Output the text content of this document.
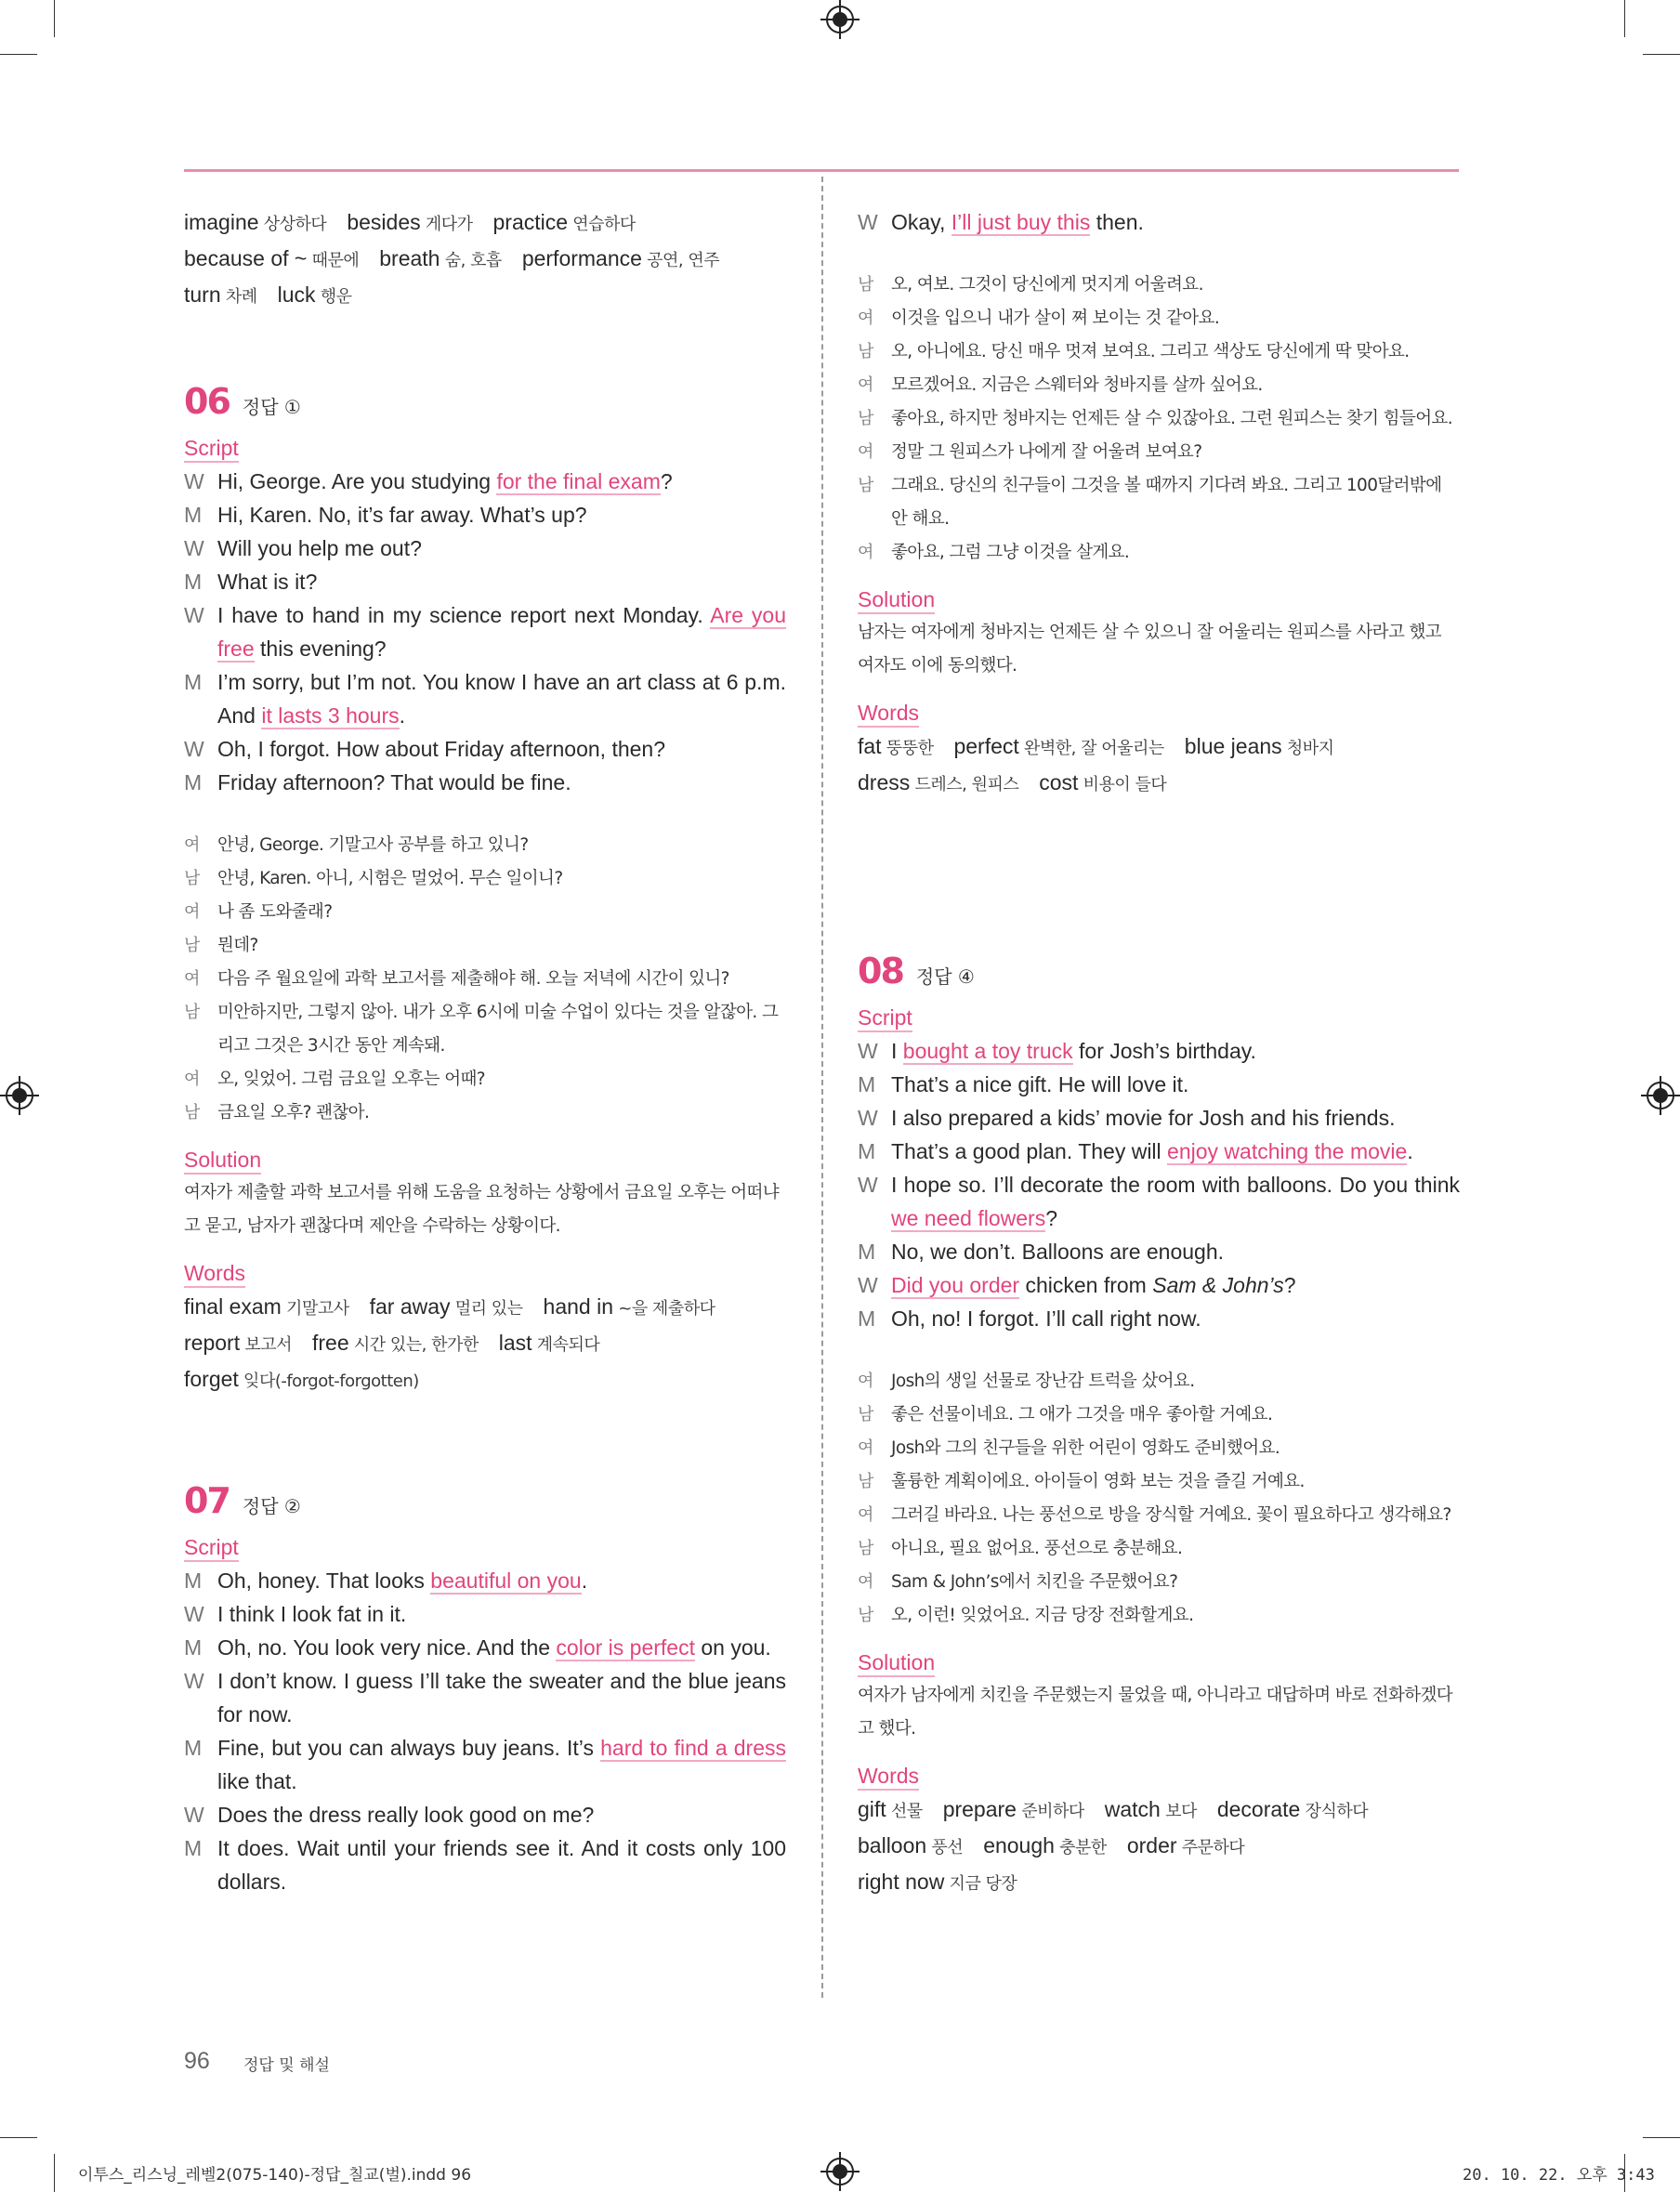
imagine 상상하다 besides 게다가 practice 연습하다
because of ~ 때문에 breath 숨, 호흡 performance 공연, 연주
turn 차례 luck 행운
06 정답 ①
Script
W Hi, George. Are you studying for the final exam?
M Hi, Karen. No, it’s far away. What’s up?
W Will you help me out?
M What is it?
W I have to hand in my science report next Monday. Are you free this evening?
M I’m sorry, but I’m not. You know I have an art class at 6 p.m. And it lasts 3 hours.
W Oh, I forgot. How about Friday afternoon, then?
M Friday afternoon? That would be fine.
여 안녕, George. 기말고사 공부를 하고 있니?
남 안녕, Karen. 아니, 시험은 멀었어. 무슨 일이니?
여 나 좀 도와줄래?
남 뭔데?
여 다음 주 월요일에 과학 보고서를 제출해야 해. 오늘 저녁에 시간이 있니?
남 미안하지만, 그렇지 않아. 내가 오후 6시에 미술 수업이 있다는 것을 알잖아. 그리고 그것은 3시간 동안 계속돼.
여 오, 잊었어. 그럼 금요일 오후는 어때?
남 금요일 오후? 괜찮아.
Solution

여자가 제출할 과학 보고서를 위해 도움을 요청하는 상황에서 금요일 오후는 어떠냐고 묻고, 남자가 괜찮다며 제안을 수락하는 상황이다.

Words
final exam 기말고사 far away 멀리 있는 hand in ~을 제출하다
report 보고서 free 시간 있는, 한가한 last 계속되다
forget 잊다(-forgot-forgotten)
07 정답 ②
Script
M Oh, honey. That looks beautiful on you.
W I think I look fat in it.
M Oh, no. You look very nice. And the color is perfect on you.
W I don’t know. I guess I’ll take the sweater and the blue jeans for now.
M Fine, but you can always buy jeans. It’s hard to find a dress like that.
W Does the dress really look good on me?
M It does. Wait until your friends see it. And it costs only 100 dollars.
W Okay, I’ll just buy this then.
남 오, 여보. 그것이 당신에게 멋지게 어울려요.
여 이것을 입으니 내가 살이 쪄 보이는 것 같아요.
남 오, 아니에요. 당신 매우 멋져 보여요. 그리고 색상도 당신에게 딱 맞아요.
여 모르겠어요. 지금은 스웨터와 청바지를 살까 싶어요.
남 좋아요, 하지만 청바지는 언제든 살 수 있잖아요. 그런 원피스는 찾기 힘들어요.
여 정말 그 원피스가 나에게 잘 어울려 보여요?
남 그래요. 당신의 친구들이 그것을 볼 때까지 기다려 봐요. 그리고 100달러밖에 안 해요.
여 좋아요, 그럼 그냥 이것을 살게요.
Solution

남자는 여자에게 청바지는 언제든 살 수 있으니 잘 어울리는 원피스를 사라고 했고 여자도 이에 동의했다.

Words
fat 뚱뚱한 perfect 완벽한, 잘 어울리는 blue jeans 청바지
dress 드레스, 원피스 cost 비용이 들다
08 정답 ④
Script
W I bought a toy truck for Josh’s birthday.
M That’s a nice gift. He will love it.
W I also prepared a kids’ movie for Josh and his friends.
M That’s a good plan. They will enjoy watching the movie.
W I hope so. I’ll decorate the room with balloons. Do you think we need flowers?
M No, we don’t. Balloons are enough.
W Did you order chicken from Sam & John’s?
M Oh, no! I forgot. I’ll call right now.
여 Josh의 생일 선물로 장난감 트럭을 샀어요.
남 좋은 선물이네요. 그 애가 그것을 매우 좋아할 거예요.
여 Josh와 그의 친구들을 위한 어린이 영화도 준비했어요.
남 훌륭한 계획이에요. 아이들이 영화 보는 것을 즐길 거예요.
여 그러길 바라요. 나는 풍선으로 방을 장식할 거예요. 꽃이 필요하다고 생각해요?
남 아니요, 필요 없어요. 풍선으로 충분해요.
여 Sam & John’s에서 치킨을 주문했어요?
남 오, 이런! 잊었어요. 지금 당장 전화할게요.
Solution

여자가 남자에게 치킨을 주문했는지 물었을 때, 아니라고 대답하며 바로 전화하겠다고 했다.

Words
gift 선물 prepare 준비하다 watch 보다 decorate 장식하다
balloon 풍선 enough 충분한 order 주문하다
right now 지금 당장
96 정답 및 해설
이투스_리스닝_레벨2(075-140)-정답_칠교(벌).indd 96	20. 10. 22. 오후 3:43
